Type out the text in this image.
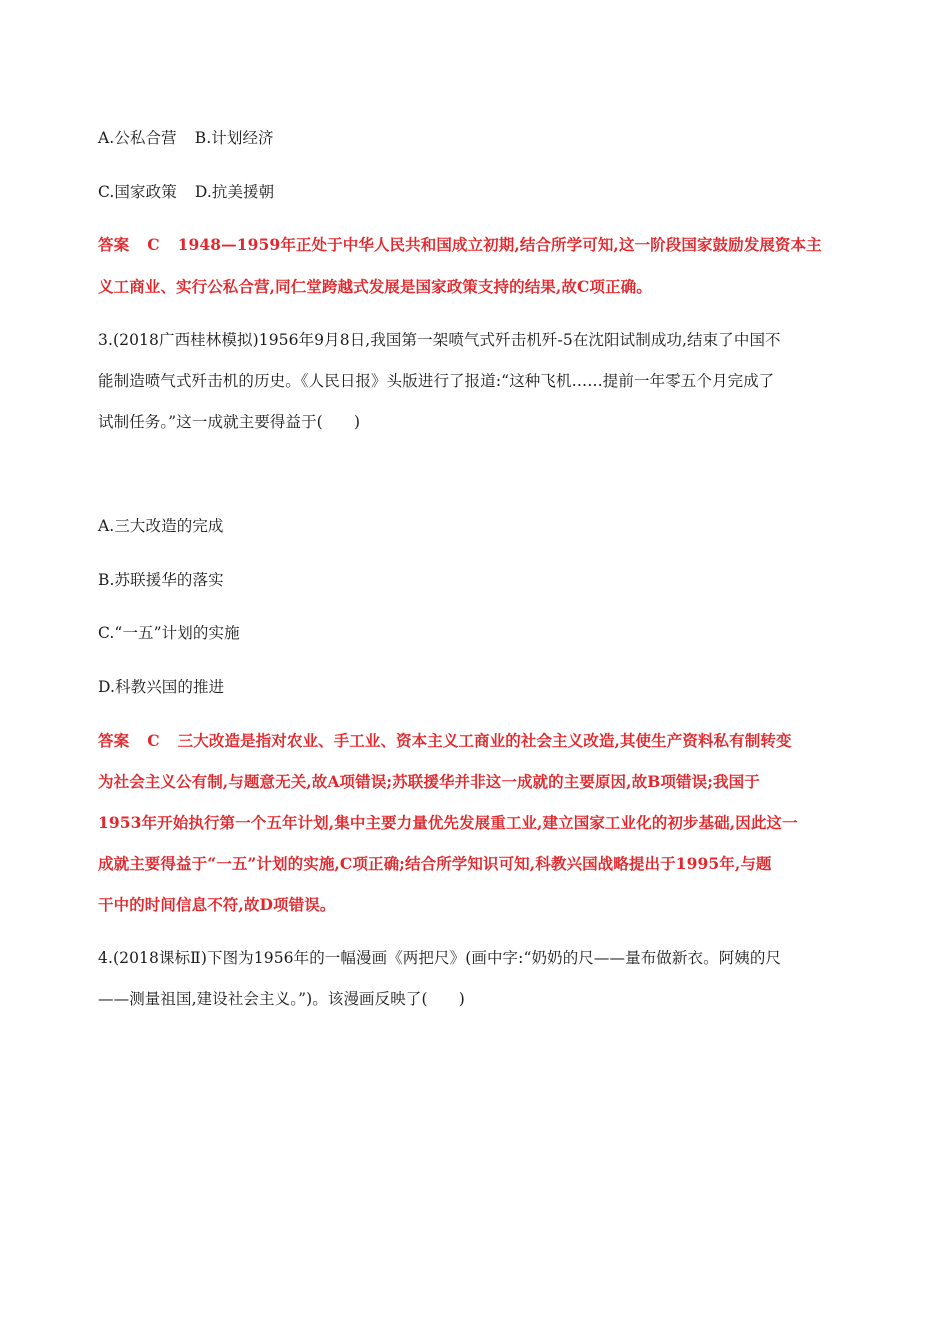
A.公私合营 B.计划经济
C.国家政策 D.抗美援朝
答案 C 1948—1959年正处于中华人民共和国成立初期,结合所学可知,这一阶段国家鼓励发展资本主
义工商业、实行公私合营,同仁堂跨越式发展是国家政策支持的结果,故C项正确。
3.(2018广西桂林模拟)1956年9月8日,我国第一架喷气式歼击机歼-5在沈阳试制成功,结束了中国不
能制造喷气式歼击机的历史。《人民日报》头版进行了报道:“这种飞机……提前一年零五个月完成了
试制任务。”这一成就主要得益于(　　)
A.三大改造的完成
B.苏联援华的落实
C.“一五”计划的实施
D.科教兴国的推进
答案 C 三大改造是指对农业、手工业、资本主义工商业的社会主义改造,其使生产资料私有制转变
为社会主义公有制,与题意无关,故A项错误;苏联援华并非这一成就的主要原因,故B项错误;我国于
1953年开始执行第一个五年计划,集中主要力量优先发展重工业,建立国家工业化的初步基础,因此这一
成就主要得益于“一五”计划的实施,C项正确;结合所学知识可知,科教兴国战略提出于1995年,与题
干中的时间信息不符,故D项错误。
4.(2018课标Ⅱ)下图为1956年的一幅漫画《两把尺》(画中字:“奶奶的尺——量布做新衣。阿姨的尺
——测量祖国,建设社会主义。”)。该漫画反映了(　　)
